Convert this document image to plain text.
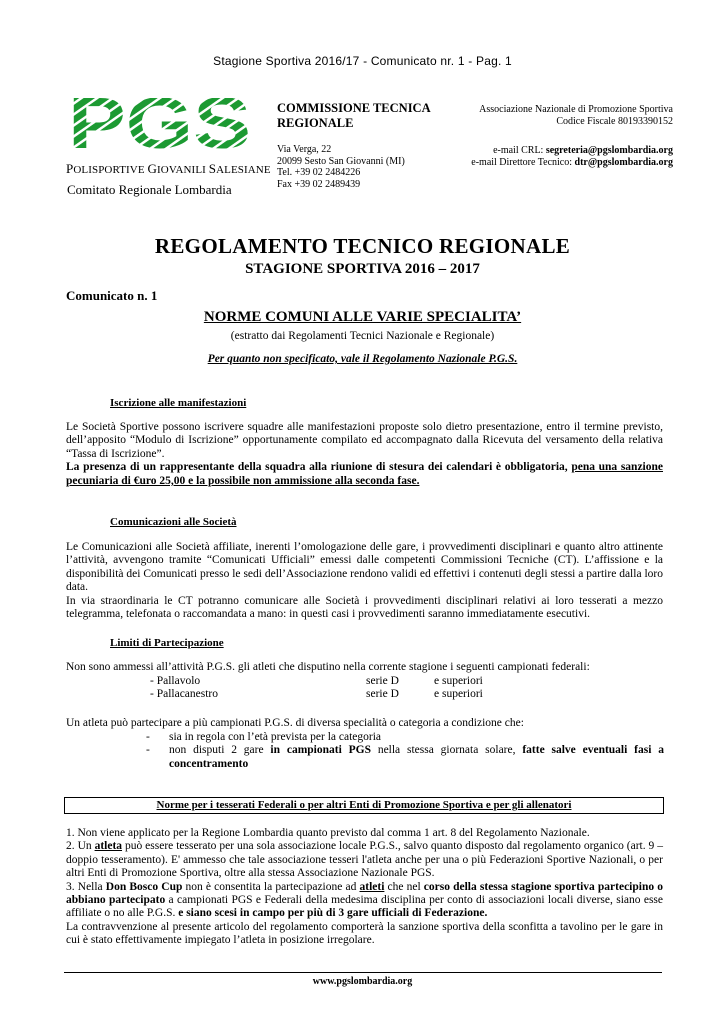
Stagione Sportiva 2016/17 - Comunicato nr. 1 - Pag. 1
PGS
POLISPORTIVE GIOVANILI SALESIANE
Comitato Regionale Lombardia
COMMISSIONE TECNICA
REGIONALE
Via Verga, 22
20099 Sesto San Giovanni (MI)
Tel. +39 02 2484226
Fax +39 02 2489439
Associazione Nazionale di Promozione Sportiva
Codice Fiscale 80193390152
e-mail CRL: segreteria@pgslombardia.org
e-mail Direttore Tecnico: dtr@pgslombardia.org
REGOLAMENTO TECNICO REGIONALE
STAGIONE SPORTIVA 2016 – 2017
Comunicato n. 1
NORME COMUNI ALLE VARIE SPECIALITA’
(estratto dai Regolamenti Tecnici Nazionale e Regionale)
Per quanto non specificato, vale il Regolamento Nazionale P.G.S.
Iscrizione alle manifestazioni

Le Società Sportive possono iscrivere squadre alle manifestazioni proposte solo dietro presentazione, entro il termine previsto, dell’apposito “Modulo di Iscrizione” opportunamente compilato ed accompagnato dalla Ricevuta del versamento della relativa “Tassa di Iscrizione”.

La presenza di un rappresentante della squadra alla riunione di stesura dei calendari è obbligatoria, pena una sanzione pecuniaria di €uro 25,00 e la possibile non ammissione alla seconda fase.

Comunicazioni alle Società

Le Comunicazioni alle Società affiliate, inerenti l’omologazione delle gare, i provvedimenti disciplinari e quanto altro attinente l’attività, avvengono tramite “Comunicati Ufficiali” emessi dalle competenti Commissioni Tecniche (CT). L’affissione e la disponibilità dei Comunicati presso le sedi dell’Associazione rendono validi ed effettivi i contenuti degli stessi a partire dalla loro data.

In via straordinaria le CT potranno comunicare alle Società i provvedimenti disciplinari relativi ai loro tesserati a mezzo telegramma, telefonata o raccomandata a mano: in questi casi i provvedimenti saranno immediatamente esecutivi.

Limiti di Partecipazione

Non sono ammessi all’attività P.G.S. gli atleti che disputino nella corrente stagione i seguenti campionati federali:

- Pallavolo	serie D	e superiori
- Pallacanestro	serie D	e superiori

Un atleta può partecipare a più campionati P.G.S. di diversa specialità o categoria a condizione che:

-	sia in regola con l’età prevista per la categoria
-	non disputi 2 gare in campionati PGS nella stessa giornata solare, fatte salve eventuali fasi a concentramento
Norme per i tesserati Federali o per altri Enti di Promozione Sportiva e per gli allenatori

1. Non viene applicato per la Regione Lombardia quanto previsto dal comma 1 art. 8 del Regolamento Nazionale.

2. Un atleta può essere tesserato per una sola associazione locale P.G.S., salvo quanto disposto dal regolamento organico (art. 9 – doppio tesseramento). E' ammesso che tale associazione tesseri l'atleta anche per una o più Federazioni Sportive Nazionali, o per altri Enti di Promozione Sportiva, oltre alla stessa Associazione Nazionale PGS.

3. Nella Don Bosco Cup non è consentita la partecipazione ad atleti che nel corso della stessa stagione sportiva partecipino o abbiano partecipato a campionati PGS e Federali della medesima disciplina per conto di associazioni locali diverse, siano esse affiliate o no alle P.G.S. e siano scesi in campo per più di 3 gare ufficiali di Federazione.

La contravvenzione al presente articolo del regolamento comporterà la sanzione sportiva della sconfitta a tavolino per le gare in cui è stato effettivamente impiegato l’atleta in posizione irregolare.

www.pgslombardia.org
